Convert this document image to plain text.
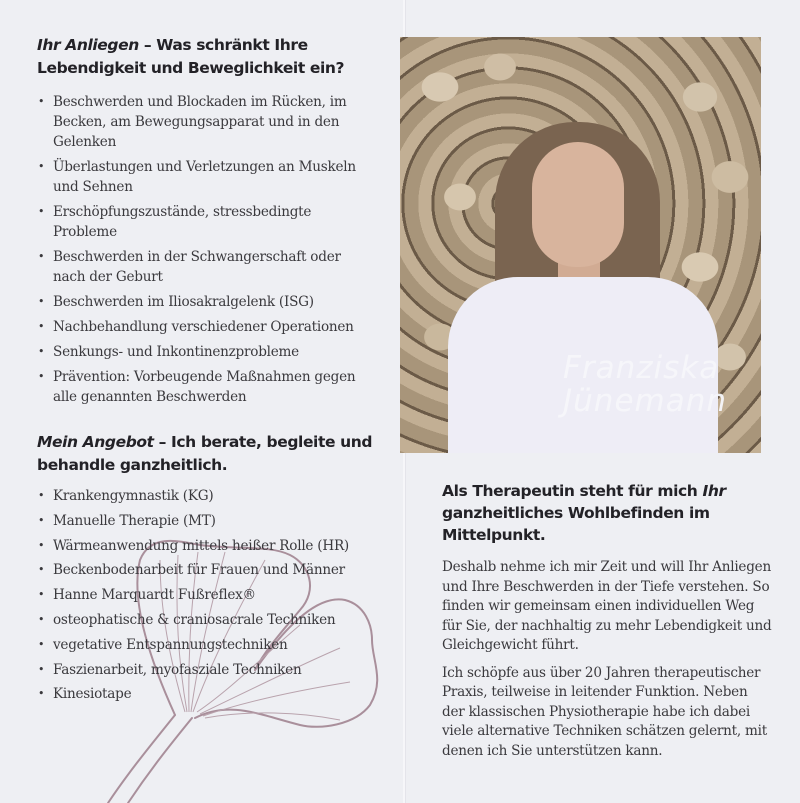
Ihr Anliegen – Was schränkt Ihre Lebendigkeit und Beweglichkeit ein?
• Beschwerden und Blockaden im Rücken, im Becken, am Bewegungsapparat und in den Gelenken
• Überlastungen und Verletzungen an Muskeln und Sehnen
• Erschöpfungszustände, stressbedingte Probleme
• Beschwerden in der Schwangerschaft oder nach der Geburt
• Beschwerden im Iliosakralgelenk (ISG)
• Nachbehandlung verschiedener Operationen
• Senkungs- und Inkontinenzprobleme
• Prävention: Vorbeugende Maßnahmen gegen alle genannten Beschwerden
Mein Angebot – Ich berate, begleite und behandle ganzheitlich.
• Krankengymnastik (KG)
• Manuelle Therapie (MT)
• Wärmeanwendung mittels heißer Rolle (HR)
• Beckenbodenarbeit für Frauen und Männer
• Hanne Marquardt Fußreflex®
• osteophatische & craniosacrale Techniken
• vegetative Entspannungstechniken
• Faszienarbeit, myofasziale Techniken
• Kinesiotape
Franziska
Jünemann
Als Therapeutin steht für mich Ihr ganzheitliches Wohlbefinden im Mittelpunkt.

Deshalb nehme ich mir Zeit und will Ihr Anliegen und Ihre Beschwerden in der Tiefe verstehen. So finden wir gemeinsam einen individuellen Weg für Sie, der nachhaltig zu mehr Lebendigkeit und Gleichgewicht führt.

Ich schöpfe aus über 20 Jahren therapeutischer Praxis, teilweise in leitender Funktion. Neben der klassischen Physiotherapie habe ich dabei viele alternative Techniken schätzen gelernt, mit denen ich Sie unterstützen kann.
